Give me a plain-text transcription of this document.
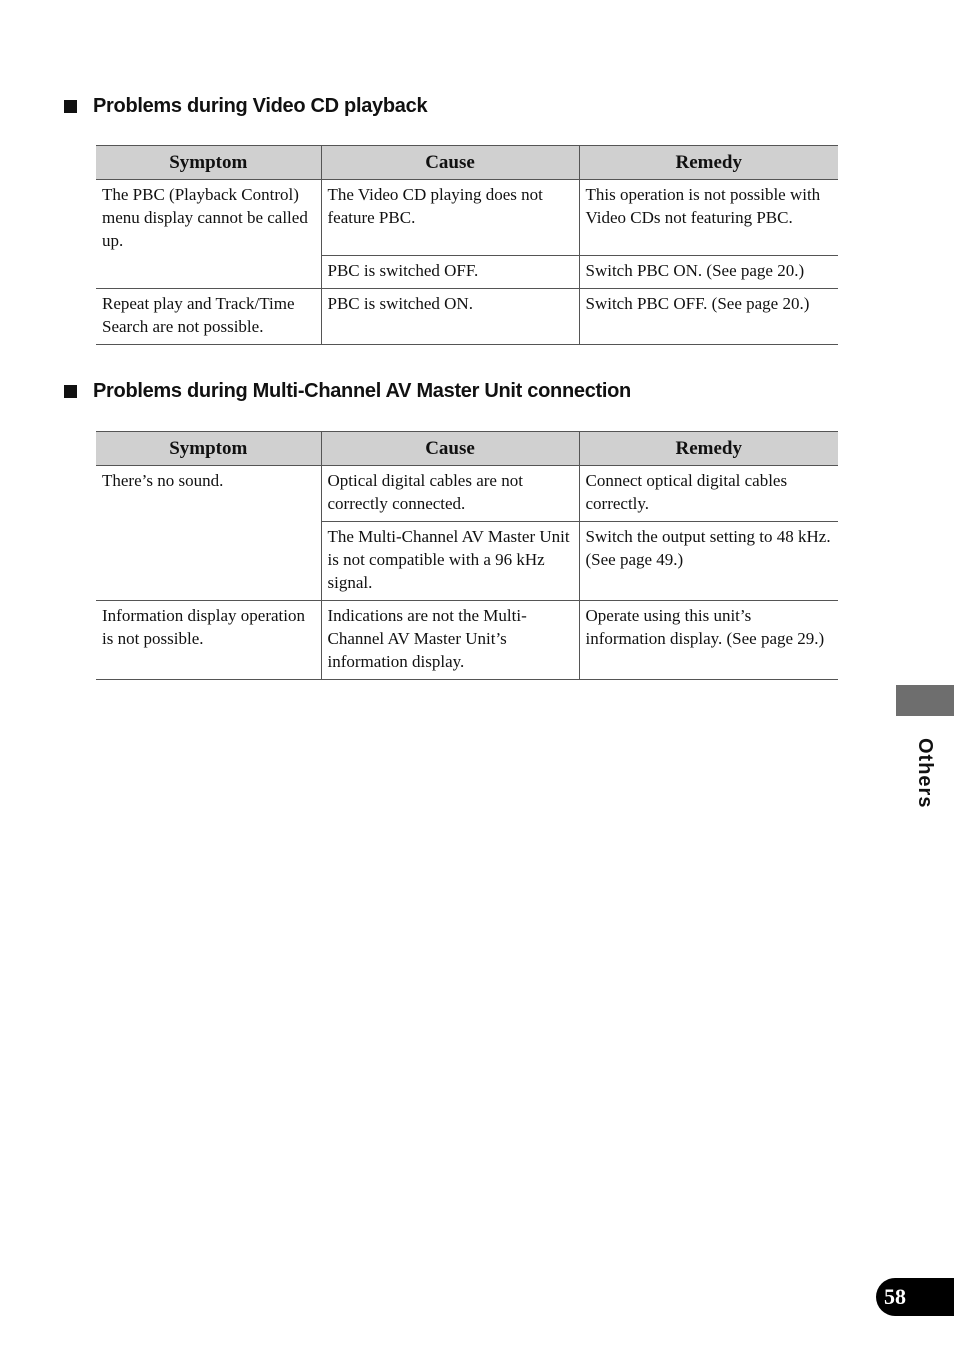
Problems during Video CD playback
Symptom	Cause	Remedy
The PBC (Playback Control) menu display cannot be called up.	The Video CD playing does not feature PBC.	This operation is not possible with Video CDs not featuring PBC.
	PBC is switched OFF.	Switch PBC ON. (See page 20.)
Repeat play and Track/Time Search are not possible.	PBC is switched ON.	Switch PBC OFF. (See page 20.)
Problems during Multi-Channel AV Master Unit connection
Symptom	Cause	Remedy
There’s no sound.	Optical digital cables are not correctly connected.	Connect optical digital cables correctly.
	The Multi-Channel AV Master Unit is not compatible with a 96 kHz signal.	Switch the output setting to 48 kHz. (See page 49.)
Information display operation is not possible.	Indications are not the Multi-Channel AV Master Unit’s information display.	Operate using this unit’s information display. (See page 29.)
Others
58
